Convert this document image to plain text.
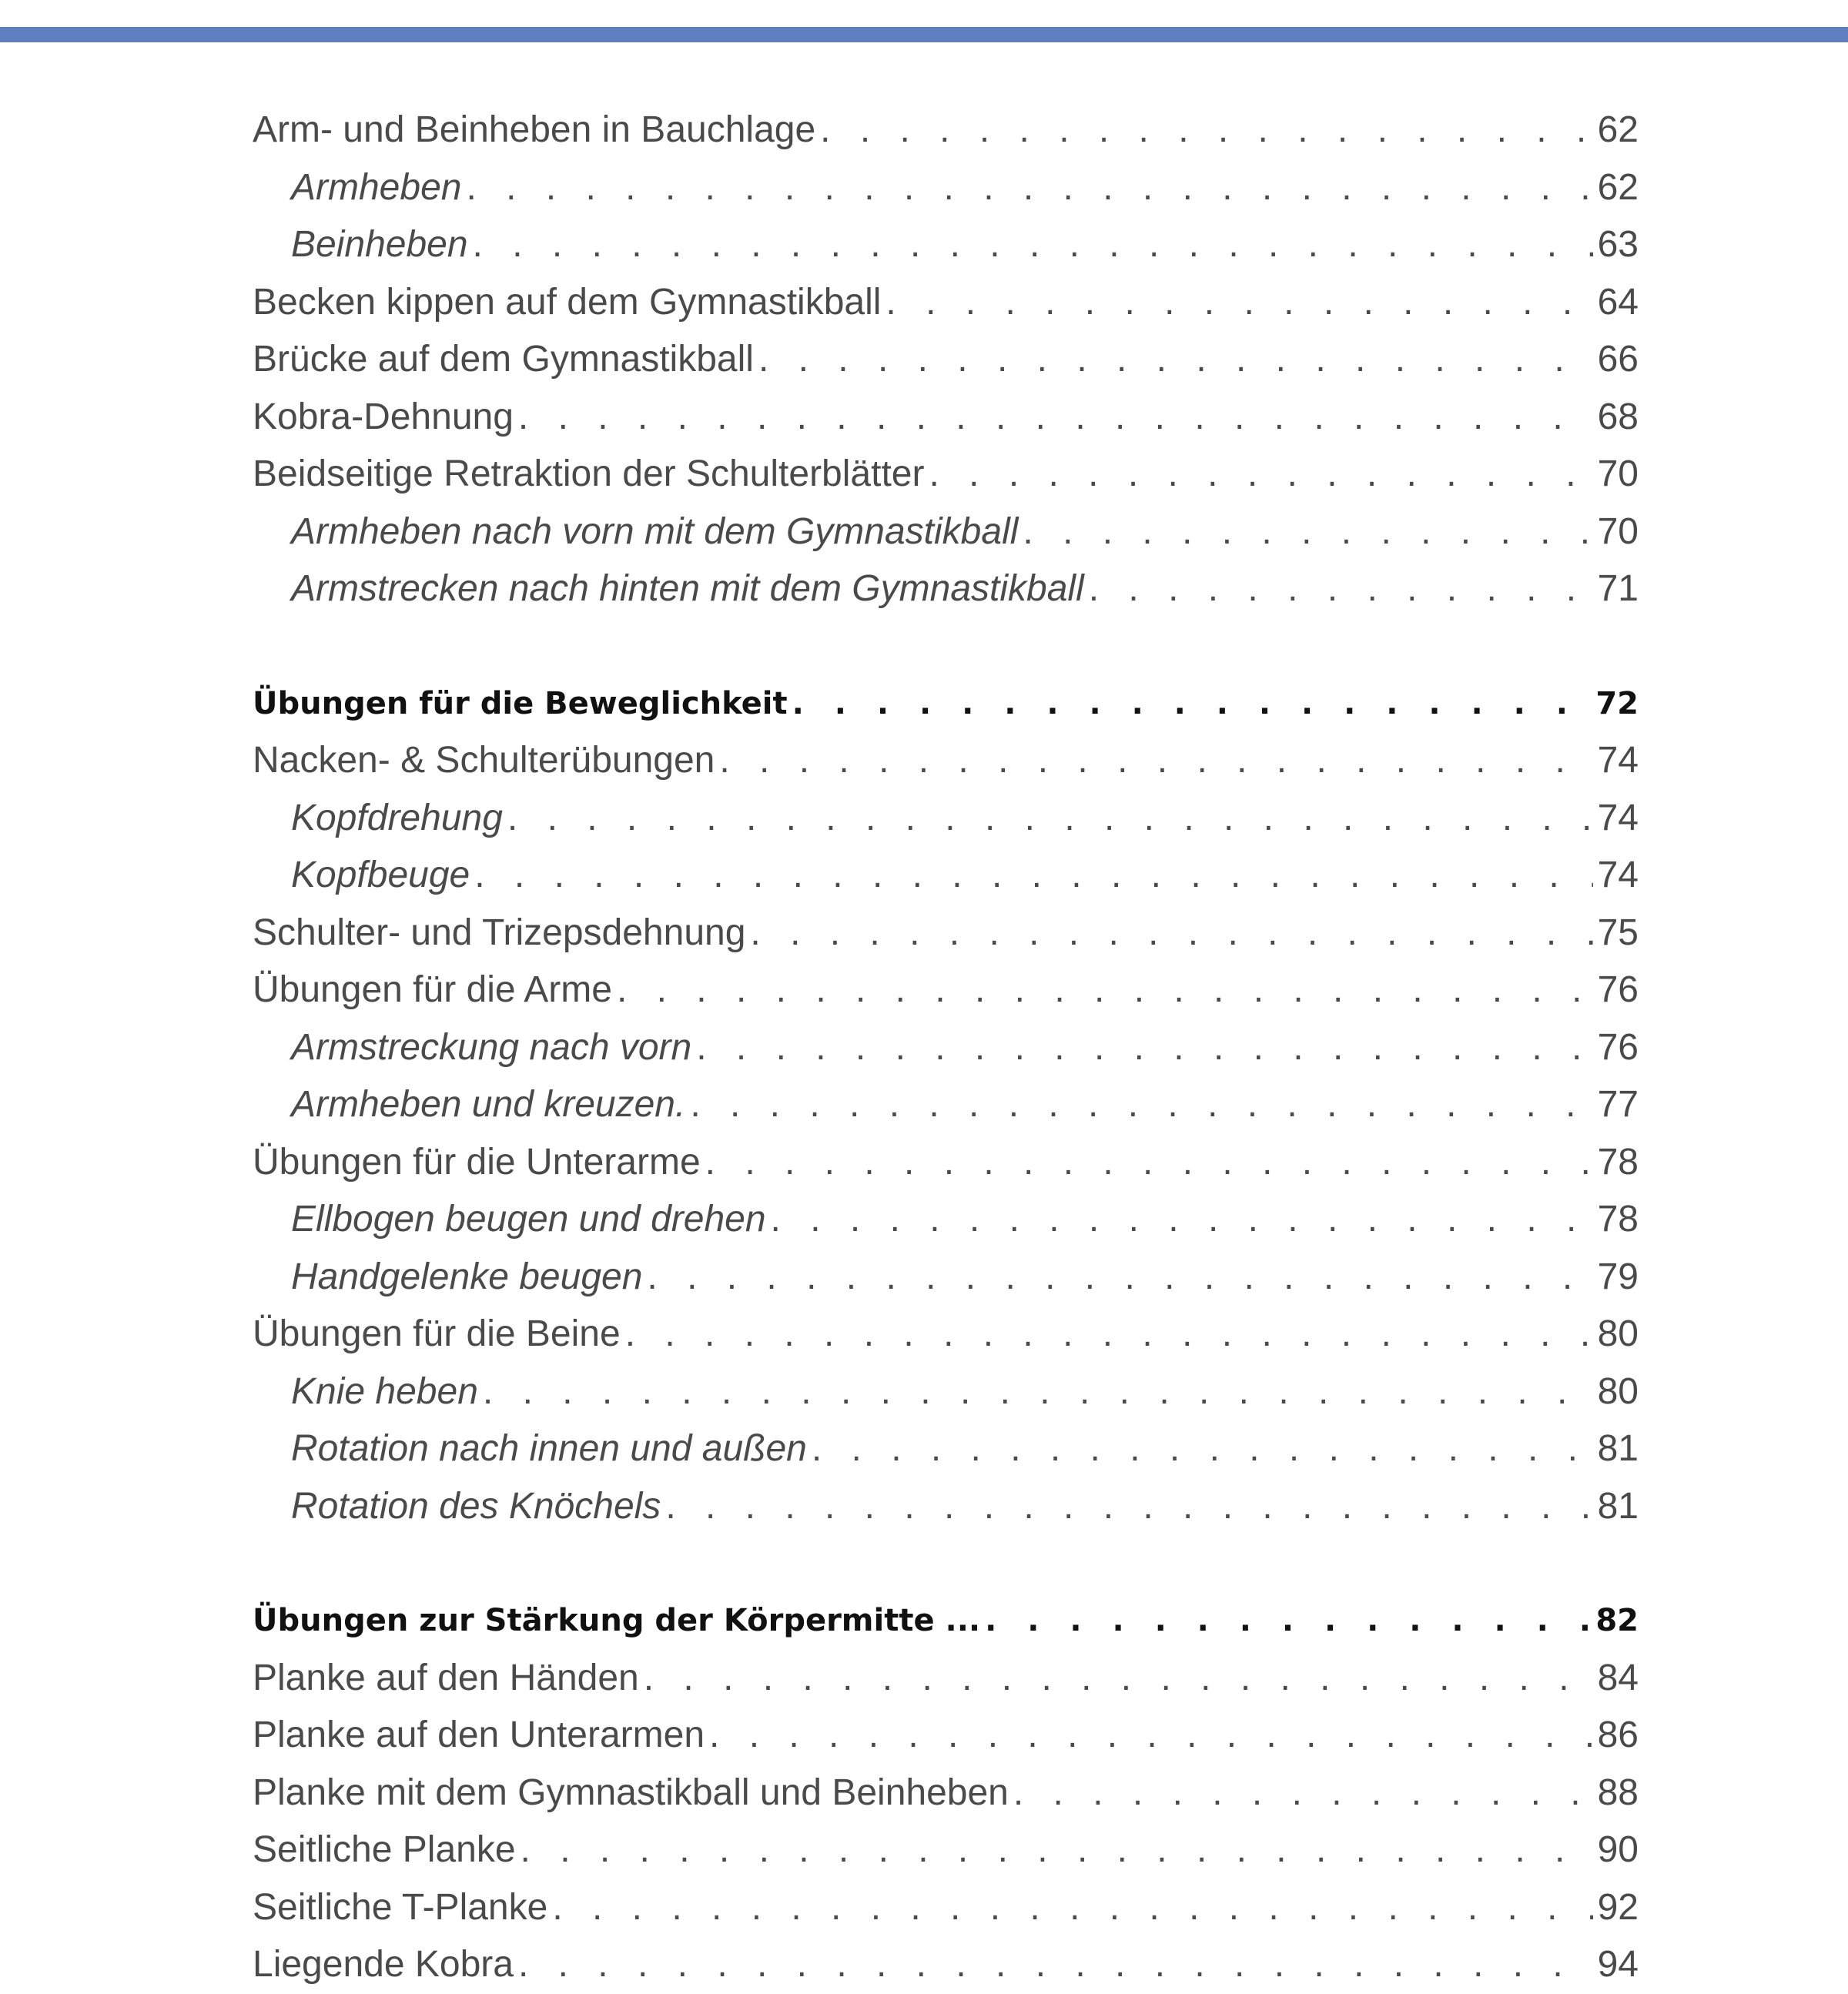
Arm- und Beinheben in Bauchlage . . .	62
Armheben . . .	62
Beinheben . . .	63
Becken kippen auf dem Gymnastikball . . .	64
Brücke auf dem Gymnastikball . . .	66
Kobra-Dehnung . . .	68
Beidseitige Retraktion der Schulterblätter . . .	70
Armheben nach vorn mit dem Gymnastikball . . .	70
Armstrecken nach hinten mit dem Gymnastikball . . .	71
Übungen für die Beweglichkeit . . .	72
Nacken- & Schulterübungen . . .	74
Kopfdrehung . . .	74
Kopfbeuge . . .	74
Schulter- und Trizepsdehnung . . .	75
Übungen für die Arme . . .	76
Armstreckung nach vorn . . .	76
Armheben und kreuzen. . . .	77
Übungen für die Unterarme . . .	78
Ellbogen beugen und drehen . . .	78
Handgelenke beugen . . .	79
Übungen für die Beine . . .	80
Knie heben . . .	80
Rotation nach innen und außen . . .	81
Rotation des Knöchels . . .	81
Übungen zur Stärkung der Körpermitte ... . . .	82
Planke auf den Händen . . .	84
Planke auf den Unterarmen . . .	86
Planke mit dem Gymnastikball und Beinheben . . .	88
Seitliche Planke . . .	90
Seitliche T-Planke . . .	92
Liegende Kobra . . .	94
